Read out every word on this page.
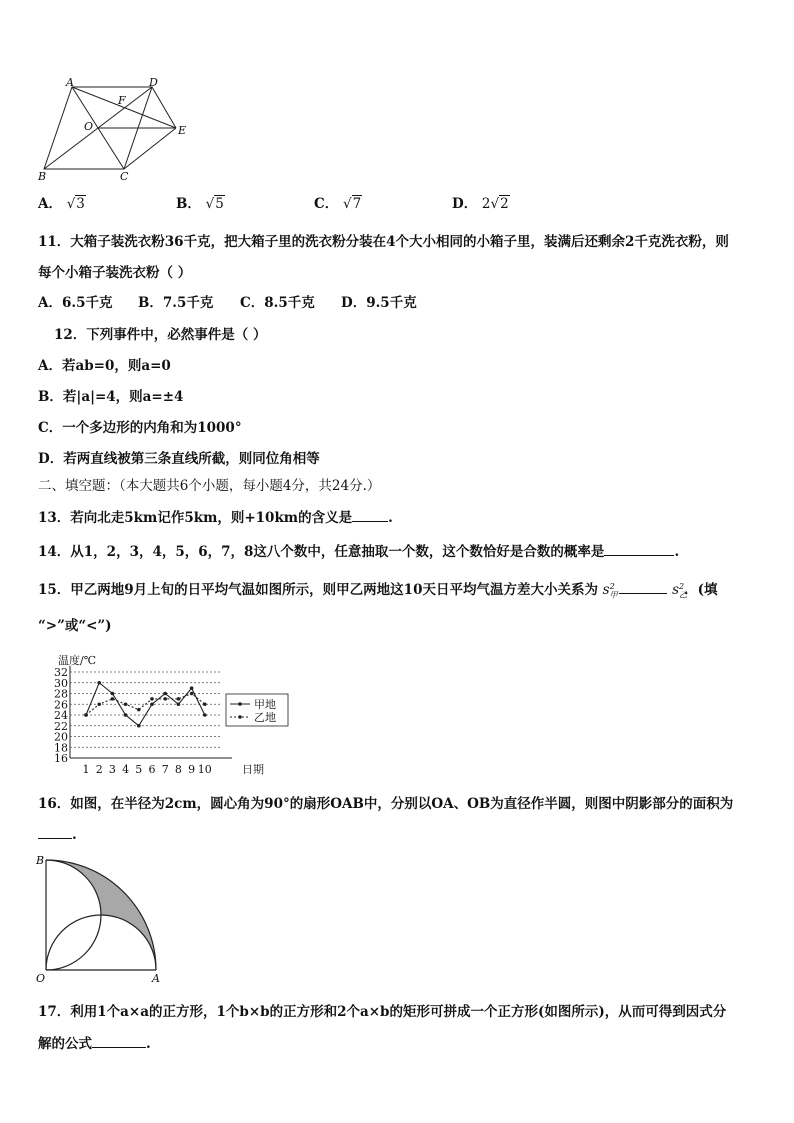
A	D
F
O	E
B	C
A． √3	B． √5	C． √7	D． 2√2
11．大箱子装洗衣粉36千克，把大箱子里的洗衣粉分装在4个大小相同的小箱子里，装满后还剩余2千克洗衣粉，则
每个小箱子装洗衣粉（ ）
A．6.5千克 B．7.5千克 C．8.5千克 D．9.5千克
12．下列事件中，必然事件是（ ）
A．若ab=0，则a=0
B．若|a|=4，则a=±4
C．一个多边形的内角和为1000°
D．若两直线被第三条直线所截，则同位角相等
二、填空题：（本大题共6个小题，每小题4分，共24分.）
13．若向北走5km记作5km，则+10km的含义是	.
14．从1，2，3，4，5，6，7，8这八个数中，任意抽取一个数，这个数恰好是合数的概率是	.
15．甲乙两地9月上旬的日平均气温如图所示，则甲乙两地这10天日平均气温方差大小关系为 $s_甲^2$	$s_乙^2$．(填
“>”或“<”)
16
18
20
22
24
26
28
30
32
1 2 3 4 5 6 7 8 9 10
温度/℃
日期
甲地
乙地
16．如图，在半径为2cm，圆心角为90°的扇形OAB中，分别以OA、OB为直径作半圆，则图中阴影部分的面积为
.
B
O	A
17．利用1个a×a的正方形，1个b×b的正方形和2个a×b的矩形可拼成一个正方形(如图所示)，从而可得到因式分
解的公式	.
